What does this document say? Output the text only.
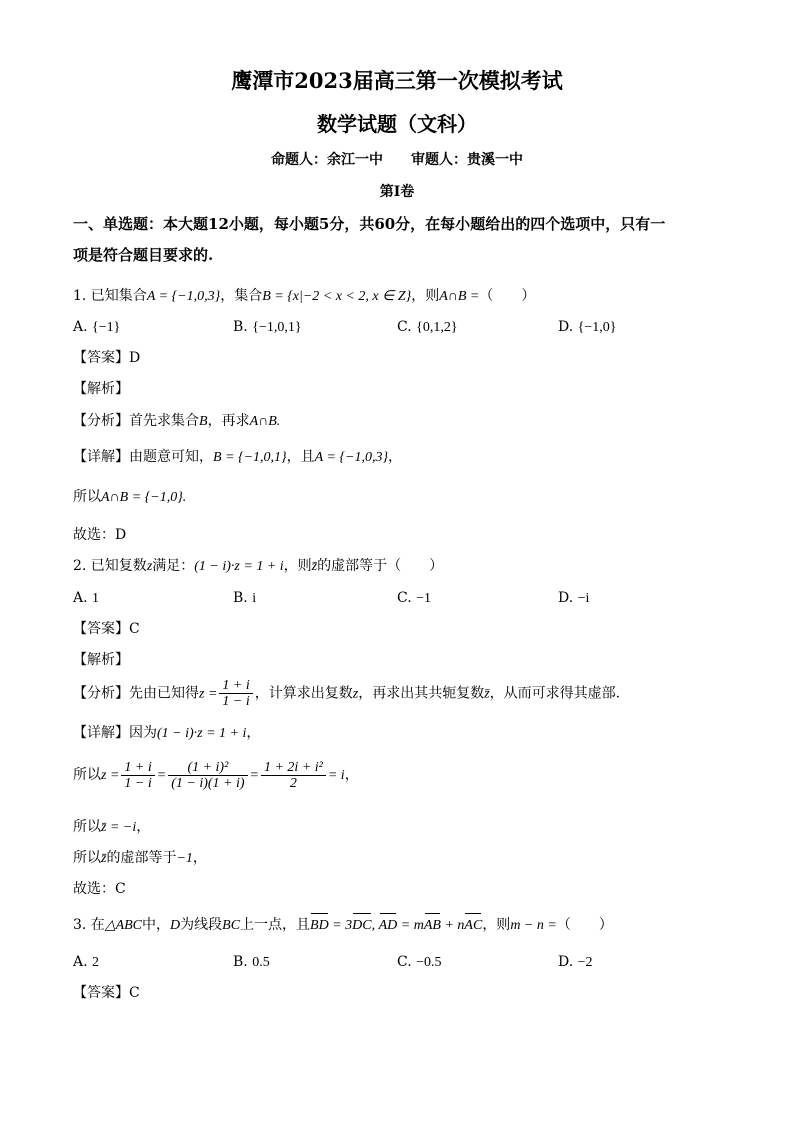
鹰潭市2023届高三第一次模拟考试
数学试题（文科）
命题人：余江一中　　审题人：贵溪一中
第Ⅰ卷
一、单选题：本大题12小题，每小题5分，共60分，在每小题给出的四个选项中，只有一
项是符合题目要求的.
1. 已知集合A = {−1,0,3}，集合B = {x|−2 < x < 2, x ∈ Z}，则A∩B =（　　）
A. {−1}	B. {−1,0,1}	C. {0,1,2}	D. {−1,0}
【答案】D
【解析】
【分析】首先求集合B，再求A∩B.
【详解】由题意可知，B = {−1,0,1}，且A = {−1,0,3}，
所以A∩B = {−1,0}.
故选：D
2. 已知复数z满足：(1 − i)·z = 1 + i，则z̄的虚部等于（　　）
A. 1	B. i	C. −1	D. −i
【答案】C
【解析】
【分析】先由已知得$z = \frac{1 + i}{1 - i}$ ，计算求出复数z，再求出其共轭复数z̄，从而可求得其虚部.
【详解】因为(1 − i)·z = 1 + i，
所以$z = \frac{1 + i}{1 - i} = \frac{\text{(1 + i)²}}{(1 - i)(1 + i)} = \frac{\text{1 + 2i + i²}}{2} = i$，
所以z̄ = −i，
所以z̄的虚部等于−1，
故选：C
3. 在△ABC中，D为线段BC上一点，且BD = 3DC, AD = mAB + nAC，则m − n =（　　）
A. 2	B. 0.5	C. −0.5	D. −2
【答案】C
